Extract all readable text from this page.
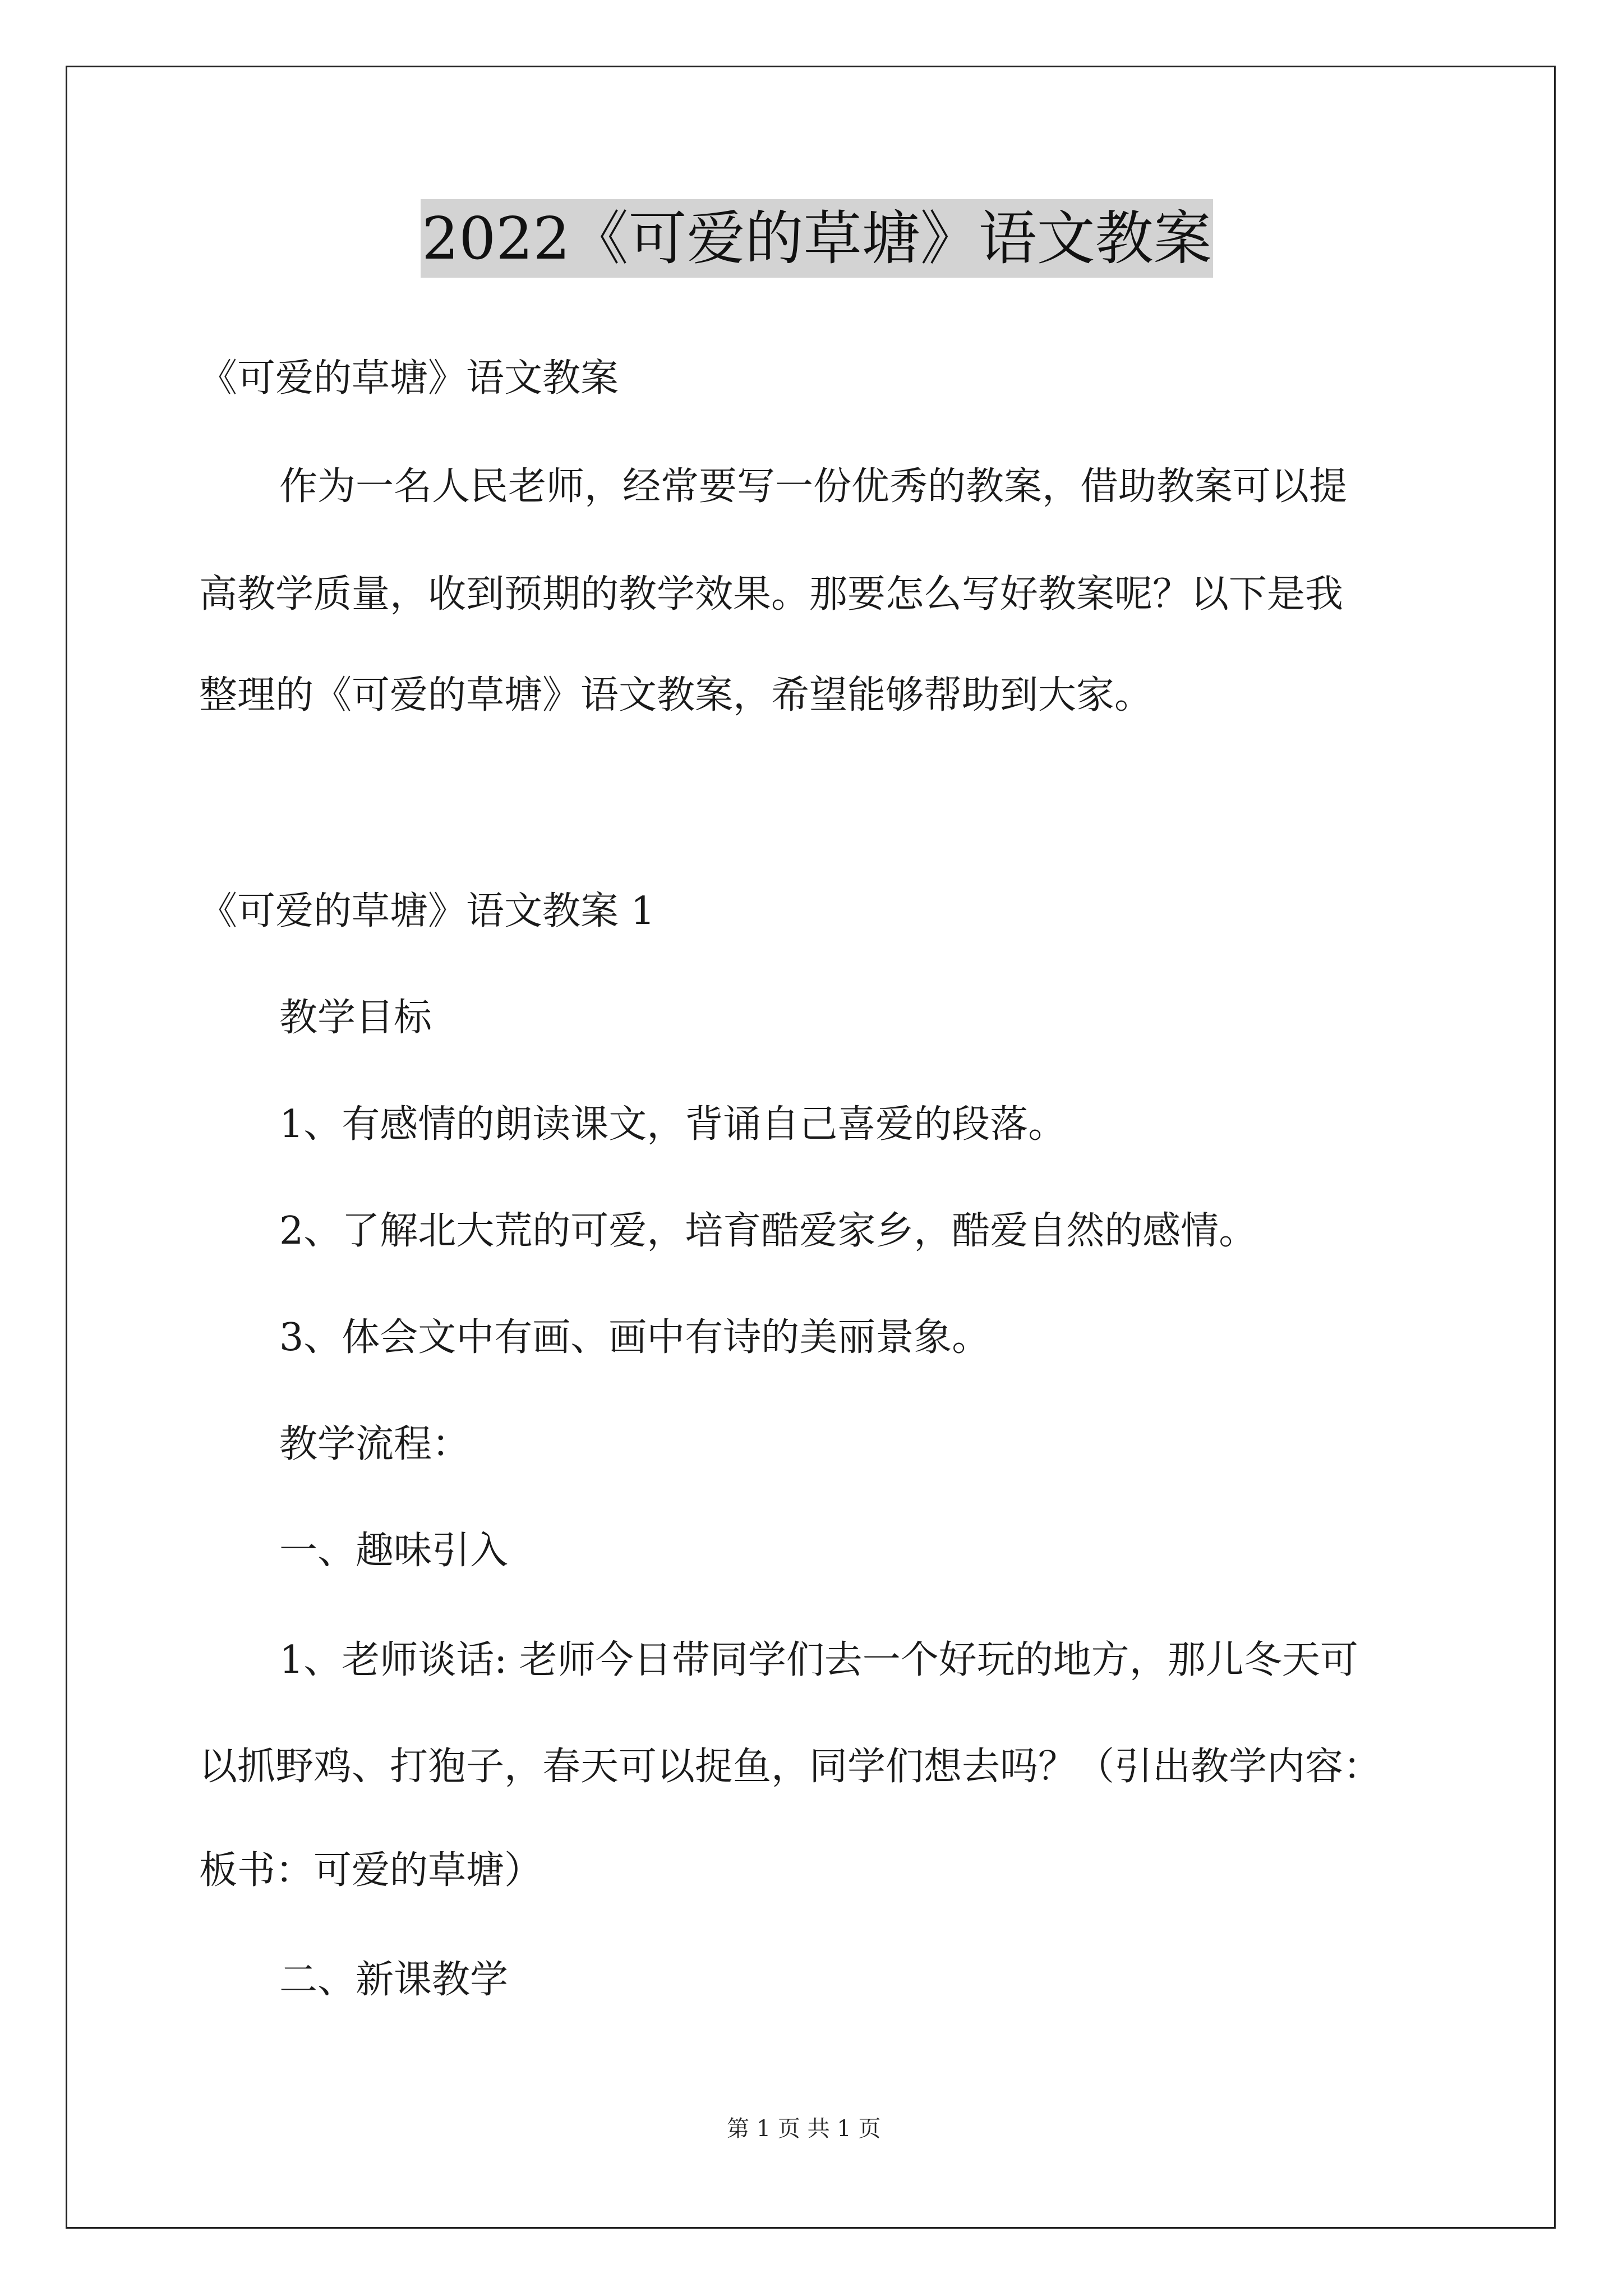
2022《可爱的草塘》语文教案
《可爱的草塘》语文教案
作为一名人民老师，经常要写一份优秀的教案，借助教案可以提
高教学质量，收到预期的教学效果。那要怎么写好教案呢？以下是我
整理的《可爱的草塘》语文教案，希望能够帮助到大家。
《可爱的草塘》语文教案 1
教学目标
1、有感情的朗读课文，背诵自己喜爱的段落。
2、了解北大荒的可爱，培育酷爱家乡，酷爱自然的感情。
3、体会文中有画、画中有诗的美丽景象。
教学流程：
一、趣味引入
1、老师谈话: 老师今日带同学们去一个好玩的地方，那儿冬天可
以抓野鸡、打狍子，春天可以捉鱼，同学们想去吗？（引出教学内容：
板书：可爱的草塘）
二、新课教学
第 1 页 共 1 页
